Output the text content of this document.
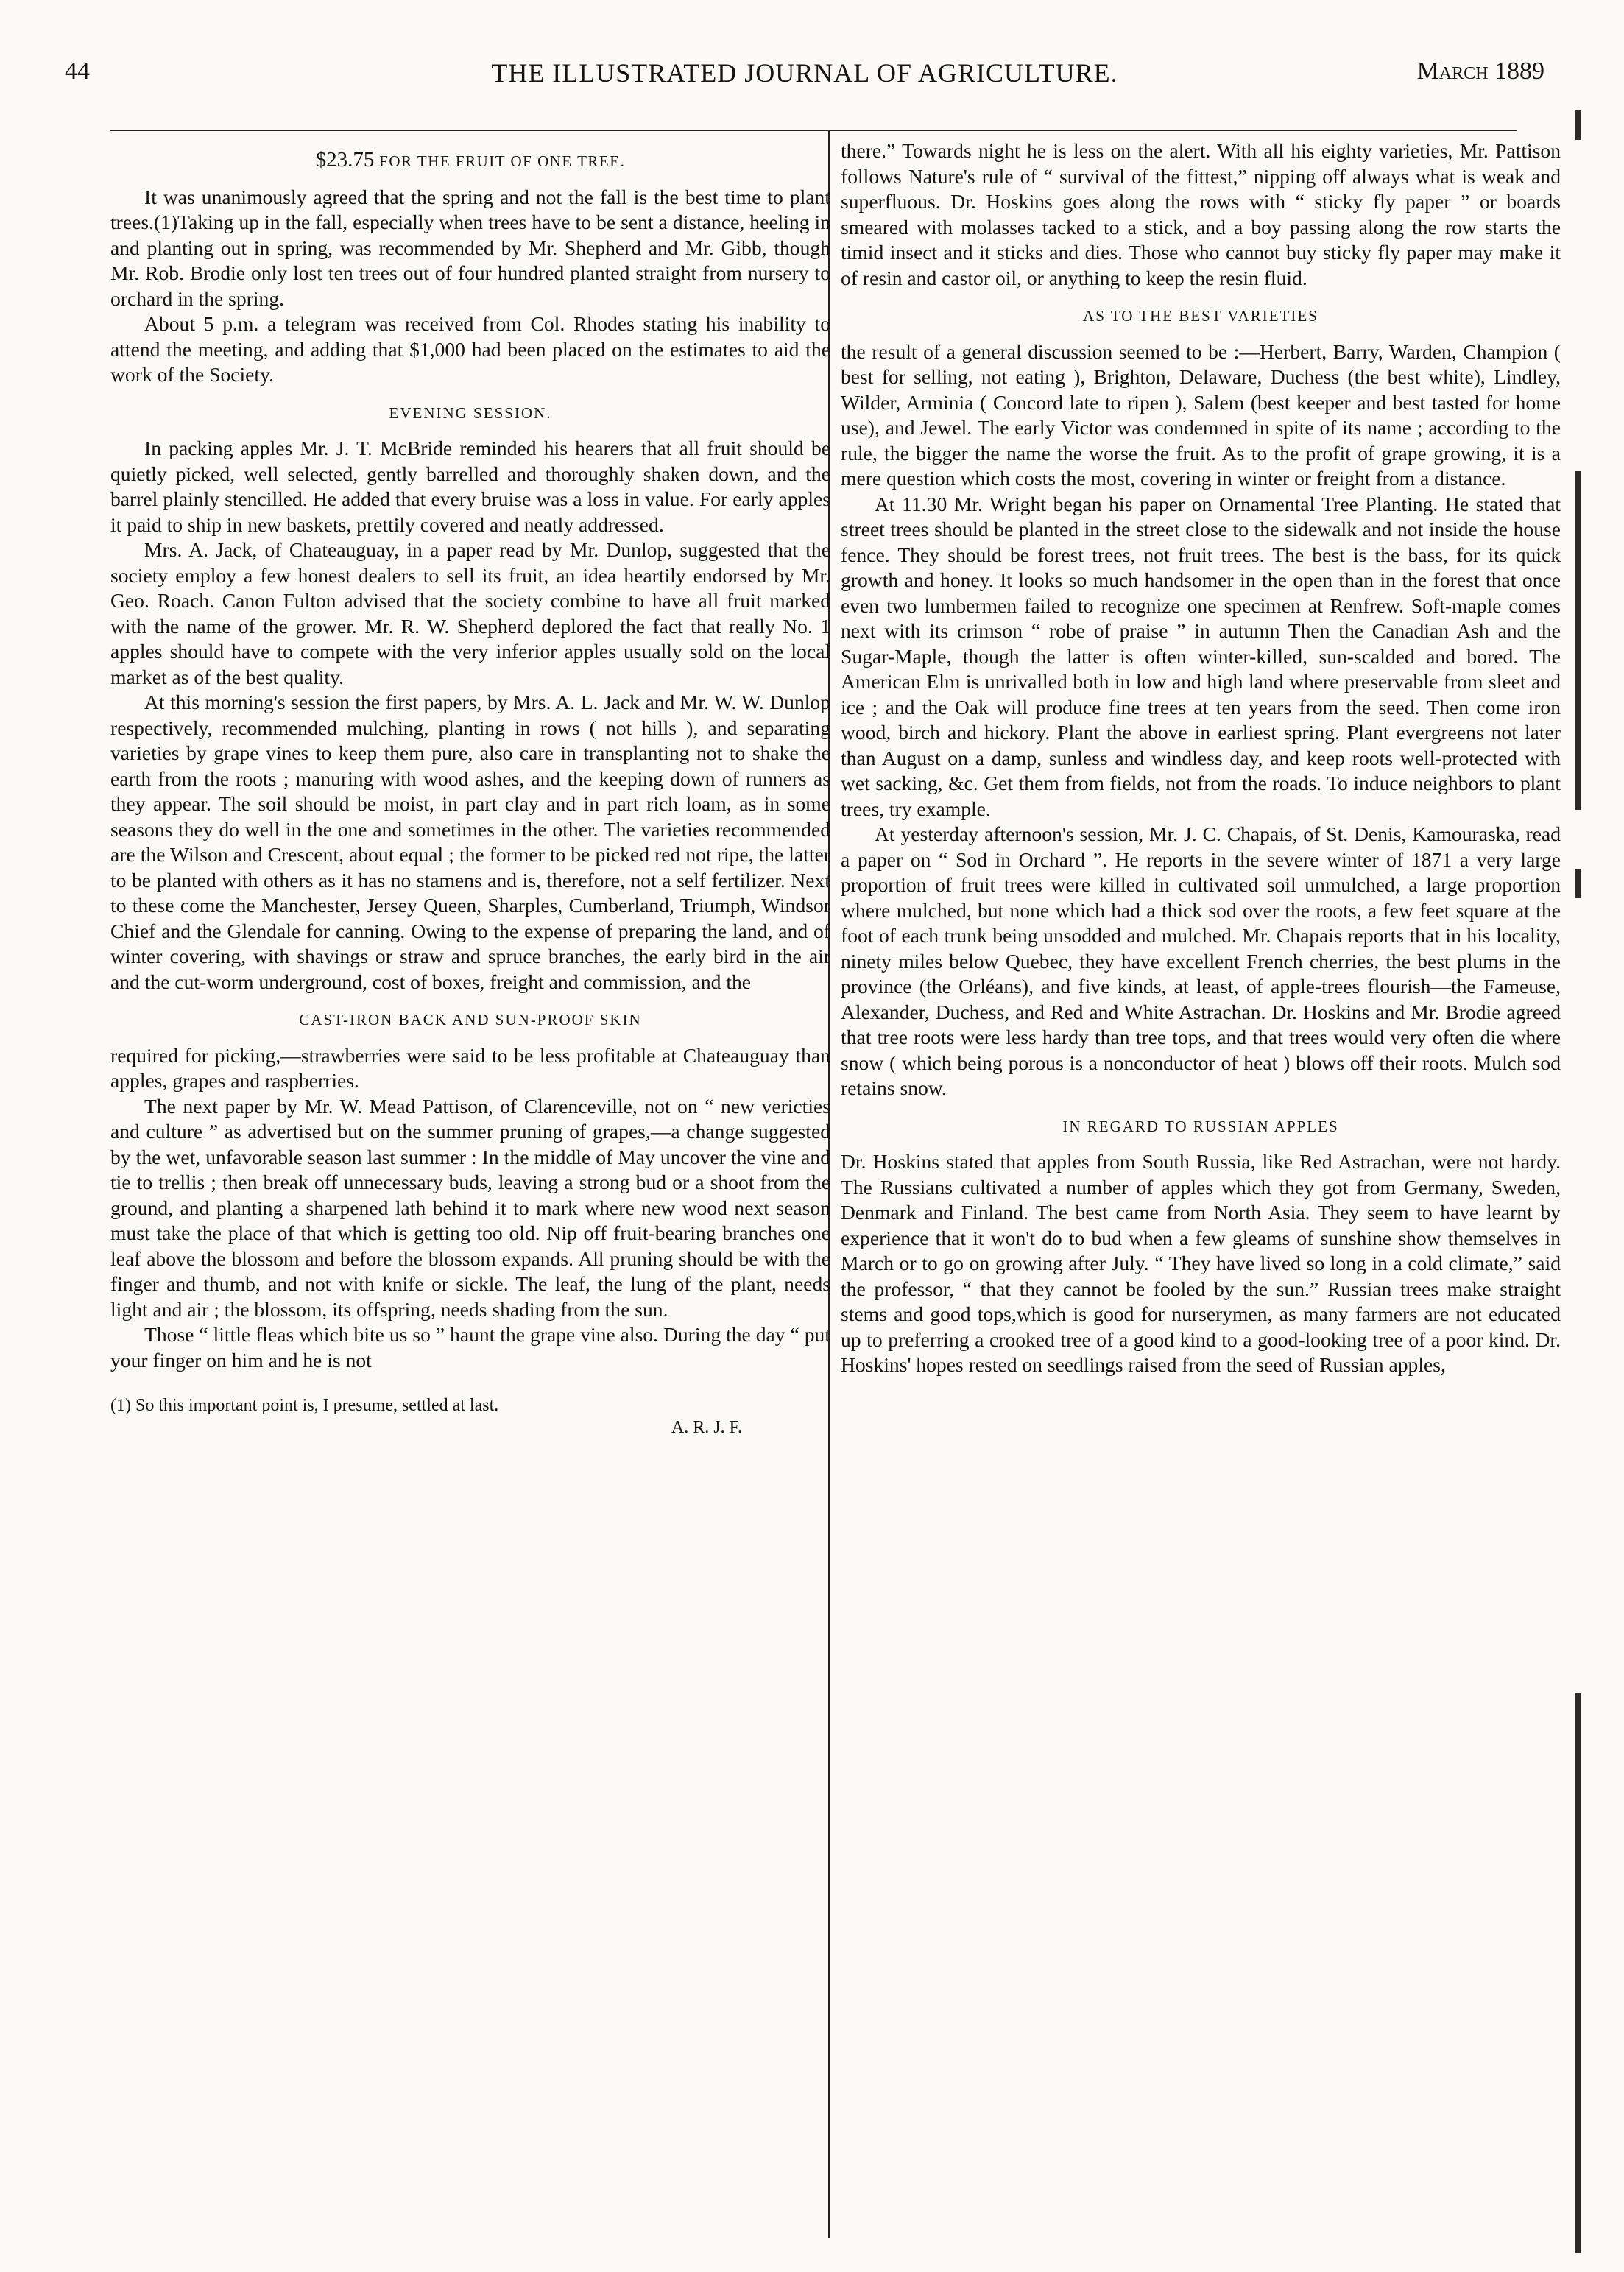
44	THE ILLUSTRATED JOURNAL OF AGRICULTURE.	March 1889
$23.75 FOR THE FRUIT OF ONE TREE.

It was unanimously agreed that the spring and not the fall is the best time to plant trees.(1)Taking up in the fall, especially when trees have to be sent a distance, heeling in and planting out in spring, was recommended by Mr. Shepherd and Mr. Gibb, though Mr. Rob. Brodie only lost ten trees out of four hundred planted straight from nursery to orchard in the spring.

About 5 p.m. a telegram was received from Col. Rhodes stating his inability to attend the meeting, and adding that $1,000 had been placed on the estimates to aid the work of the Society.

EVENING SESSION.

In packing apples Mr. J. T. McBride reminded his hearers that all fruit should be quietly picked, well selected, gently barrelled and thoroughly shaken down, and the barrel plainly stencilled. He added that every bruise was a loss in value. For early apples it paid to ship in new baskets, prettily covered and neatly addressed.

Mrs. A. Jack, of Chateauguay, in a paper read by Mr. Dunlop, suggested that the society employ a few honest dealers to sell its fruit, an idea heartily endorsed by Mr. Geo. Roach. Canon Fulton advised that the society combine to have all fruit marked with the name of the grower. Mr. R. W. Shepherd deplored the fact that really No. 1 apples should have to compete with the very inferior apples usually sold on the local market as of the best quality.

At this morning's session the first papers, by Mrs. A. L. Jack and Mr. W. W. Dunlop respectively, recommended mulching, planting in rows ( not hills ), and separating varieties by grape vines to keep them pure, also care in transplanting not to shake the earth from the roots ; manuring with wood ashes, and the keeping down of runners as they appear. The soil should be moist, in part clay and in part rich loam, as in some seasons they do well in the one and sometimes in the other. The varieties recommended are the Wilson and Crescent, about equal ; the former to be picked red not ripe, the latter to be planted with others as it has no stamens and is, therefore, not a self fertilizer. Next to these come the Manchester, Jersey Queen, Sharples, Cumberland, Triumph, Windsor Chief and the Glendale for canning. Owing to the expense of preparing the land, and of winter covering, with shavings or straw and spruce branches, the early bird in the air and the cut-worm underground, cost of boxes, freight and commission, and the

CAST-IRON BACK AND SUN-PROOF SKIN

required for picking,—strawberries were said to be less profitable at Chateauguay than apples, grapes and raspberries.

The next paper by Mr. W. Mead Pattison, of Clarenceville, not on “ new vericties and culture ” as advertised but on the summer pruning of grapes,—a change suggested by the wet, unfavorable season last summer : In the middle of May uncover the vine and tie to trellis ; then break off unnecessary buds, leaving a strong bud or a shoot from the ground, and planting a sharpened lath behind it to mark where new wood next season must take the place of that which is getting too old. Nip off fruit-bearing branches one leaf above the blossom and before the blossom expands. All pruning should be with the finger and thumb, and not with knife or sickle. The leaf, the lung of the plant, needs light and air ; the blossom, its offspring, needs shading from the sun.

Those “ little fleas which bite us so ” haunt the grape vine also. During the day “ put your finger on him and he is not

(1) So this important point is, I presume, settled at last.
A. R. J. F.

there.” Towards night he is less on the alert. With all his eighty varieties, Mr. Pattison follows Nature's rule of “ survival of the fittest,” nipping off always what is weak and superfluous. Dr. Hoskins goes along the rows with “ sticky fly paper ” or boards smeared with molasses tacked to a stick, and a boy passing along the row starts the timid insect and it sticks and dies. Those who cannot buy sticky fly paper may make it of resin and castor oil, or anything to keep the resin fluid.

AS TO THE BEST VARIETIES

the result of a general discussion seemed to be :—Herbert, Barry, Warden, Champion ( best for selling, not eating ), Brighton, Delaware, Duchess (the best white), Lindley, Wilder, Arminia ( Concord late to ripen ), Salem (best keeper and best tasted for home use), and Jewel. The early Victor was condemned in spite of its name ; according to the rule, the bigger the name the worse the fruit. As to the profit of grape growing, it is a mere question which costs the most, covering in winter or freight from a distance.

At 11.30 Mr. Wright began his paper on Ornamental Tree Planting. He stated that street trees should be planted in the street close to the sidewalk and not inside the house fence. They should be forest trees, not fruit trees. The best is the bass, for its quick growth and honey. It looks so much handsomer in the open than in the forest that once even two lumbermen failed to recognize one specimen at Renfrew. Soft-maple comes next with its crimson “ robe of praise ” in autumn Then the Canadian Ash and the Sugar-Maple, though the latter is often winter-killed, sun-scalded and bored. The American Elm is unrivalled both in low and high land where preservable from sleet and ice ; and the Oak will produce fine trees at ten years from the seed. Then come iron wood, birch and hickory. Plant the above in earliest spring. Plant evergreens not later than August on a damp, sunless and windless day, and keep roots well-protected with wet sacking, &c. Get them from fields, not from the roads. To induce neighbors to plant trees, try example.

At yesterday afternoon's session, Mr. J. C. Chapais, of St. Denis, Kamouraska, read a paper on “ Sod in Orchard ”. He reports in the severe winter of 1871 a very large proportion of fruit trees were killed in cultivated soil unmulched, a large proportion where mulched, but none which had a thick sod over the roots, a few feet square at the foot of each trunk being unsodded and mulched. Mr. Chapais reports that in his locality, ninety miles below Quebec, they have excellent French cherries, the best plums in the province (the Orléans), and five kinds, at least, of apple-trees flourish—the Fameuse, Alexander, Duchess, and Red and White Astrachan. Dr. Hoskins and Mr. Brodie agreed that tree roots were less hardy than tree tops, and that trees would very often die where snow ( which being porous is a nonconductor of heat ) blows off their roots. Mulch sod retains snow.

IN REGARD TO RUSSIAN APPLES

Dr. Hoskins stated that apples from South Russia, like Red Astrachan, were not hardy. The Russians cultivated a number of apples which they got from Germany, Sweden, Denmark and Finland. The best came from North Asia. They seem to have learnt by experience that it won't do to bud when a few gleams of sunshine show themselves in March or to go on growing after July. “ They have lived so long in a cold climate,” said the professor, “ that they cannot be fooled by the sun.” Russian trees make straight stems and good tops,which is good for nurserymen, as many farmers are not educated up to preferring a crooked tree of a good kind to a good-looking tree of a poor kind. Dr. Hoskins' hopes rested on seedlings raised from the seed of Russian apples,
